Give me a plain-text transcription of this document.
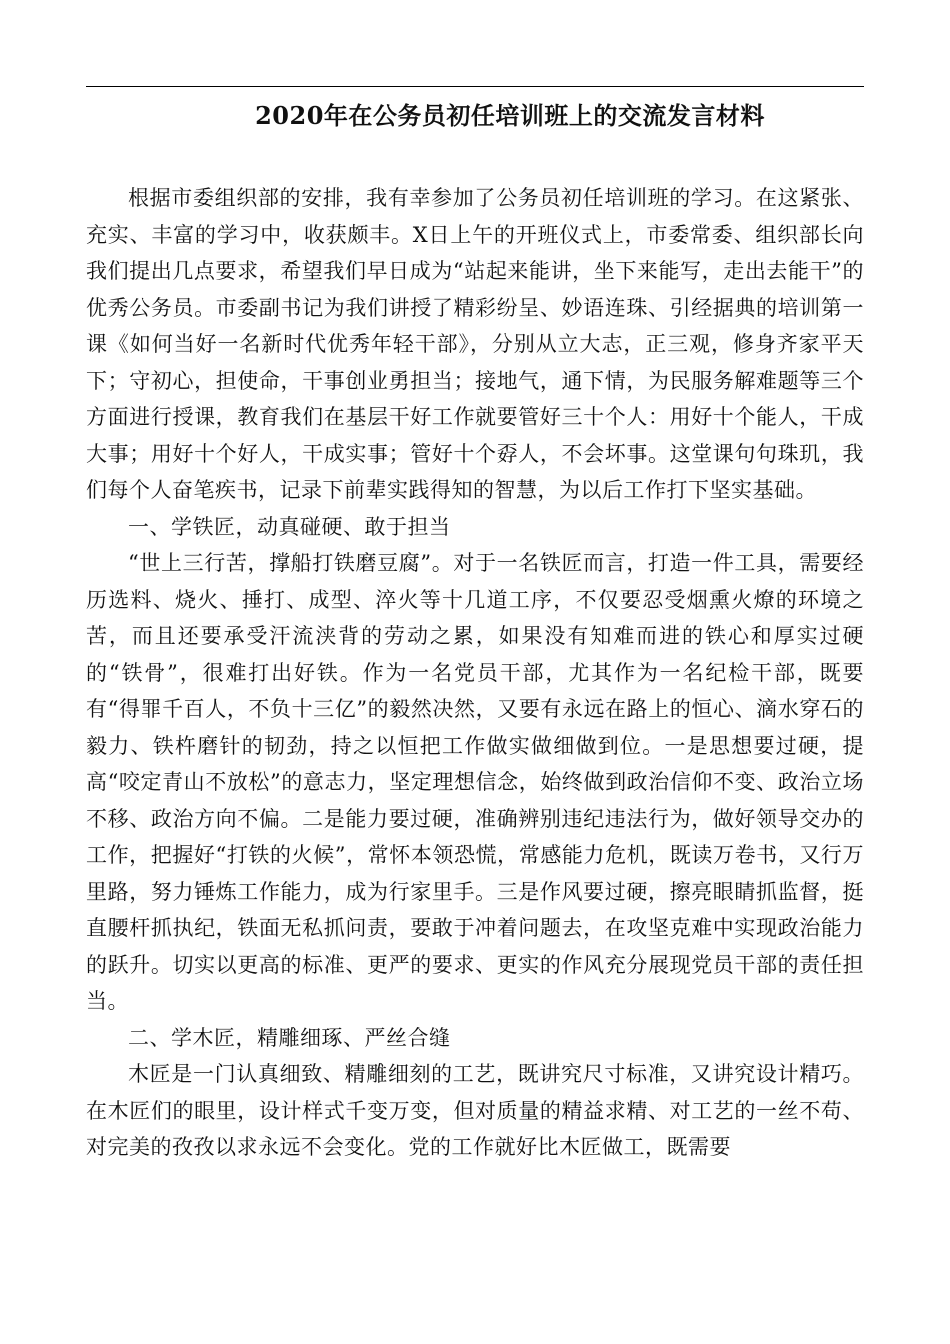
2020年在公务员初任培训班上的交流发言材料

根据市委组织部的安排，我有幸参加了公务员初任培训班的学习。在这紧张、充实、丰富的学习中，收获颇丰。X日上午的开班仪式上，市委常委、组织部长向我们提出几点要求，希望我们早日成为“站起来能讲，坐下来能写，走出去能干”的优秀公务员。市委副书记为我们讲授了精彩纷呈、妙语连珠、引经据典的培训第一课《如何当好一名新时代优秀年轻干部》，分别从立大志，正三观，修身齐家平天下；守初心，担使命，干事创业勇担当；接地气，通下情，为民服务解难题等三个方面进行授课，教育我们在基层干好工作就要管好三十个人：用好十个能人，干成大事；用好十个好人，干成实事；管好十个孬人，不会坏事。这堂课句句珠玑，我们每个人奋笔疾书，记录下前辈实践得知的智慧，为以后工作打下坚实基础。

一、学铁匠，动真碰硬、敢于担当

“世上三行苦，撑船打铁磨豆腐”。对于一名铁匠而言，打造一件工具，需要经历选料、烧火、捶打、成型、淬火等十几道工序，不仅要忍受烟熏火燎的环境之苦，而且还要承受汗流浃背的劳动之累，如果没有知难而进的铁心和厚实过硬的“铁骨”，很难打出好铁。作为一名党员干部，尤其作为一名纪检干部，既要有“得罪千百人，不负十三亿”的毅然决然，又要有永远在路上的恒心、滴水穿石的毅力、铁杵磨针的韧劲，持之以恒把工作做实做细做到位。一是思想要过硬，提高“咬定青山不放松”的意志力，坚定理想信念，始终做到政治信仰不变、政治立场不移、政治方向不偏。二是能力要过硬，准确辨别违纪违法行为，做好领导交办的工作，把握好“打铁的火候”，常怀本领恐慌，常感能力危机，既读万卷书，又行万里路，努力锤炼工作能力，成为行家里手。三是作风要过硬，擦亮眼睛抓监督，挺直腰杆抓执纪，铁面无私抓问责，要敢于冲着问题去，在攻坚克难中实现政治能力的跃升。切实以更高的标准、更严的要求、更实的作风充分展现党员干部的责任担当。

二、学木匠，精雕细琢、严丝合缝

木匠是一门认真细致、精雕细刻的工艺，既讲究尺寸标准，又讲究设计精巧。在木匠们的眼里，设计样式千变万变，但对质量的精益求精、对工艺的一丝不苟、对完美的孜孜以求永远不会变化。党的工作就好比木匠做工，既需要
